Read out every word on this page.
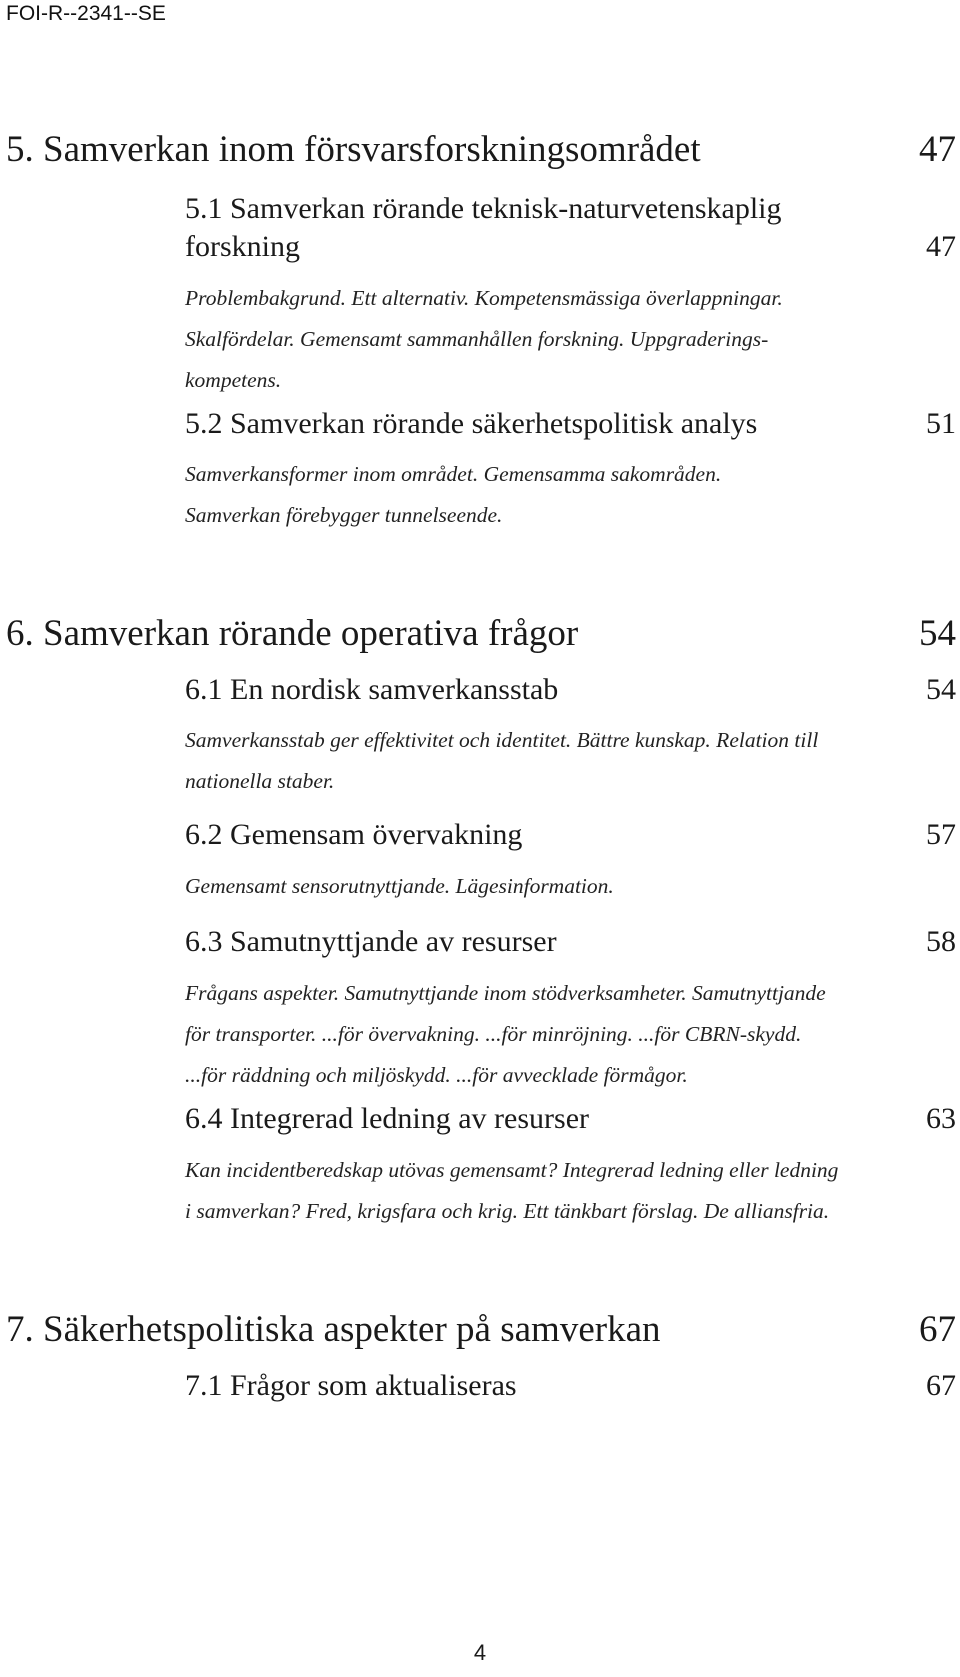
FOI-R--2341--SE
5. Samverkan inom försvarsforskningsområdet	47
5.1 Samverkan rörande teknisk-naturvetenskaplig
forskning	47
Problembakgrund. Ett alternativ. Kompetensmässiga överlappningar.
Skalfördelar. Gemensamt sammanhållen forskning. Uppgraderings-
kompetens.
5.2 Samverkan rörande säkerhetspolitisk analys	51
Samverkansformer inom området. Gemensamma sakområden.
Samverkan förebygger tunnelseende.
6. Samverkan rörande operativa frågor	54
6.1 En nordisk samverkansstab	54
Samverkansstab ger effektivitet och identitet. Bättre kunskap. Relation till
nationella staber.
6.2 Gemensam övervakning	57
Gemensamt sensorutnyttjande. Lägesinformation.
6.3 Samutnyttjande av resurser	58
Frågans aspekter. Samutnyttjande inom stödverksamheter. Samutnyttjande
för transporter. ...för övervakning. ...för minröjning. ...för CBRN-skydd.
...för räddning och miljöskydd. ...för avvecklade förmågor.
6.4 Integrerad ledning av resurser	63
Kan incidentberedskap utövas gemensamt? Integrerad ledning eller ledning
i samverkan? Fred, krigsfara och krig. Ett tänkbart förslag. De alliansfria.
7. Säkerhetspolitiska aspekter på samverkan	67
7.1 Frågor som aktualiseras	67
4
